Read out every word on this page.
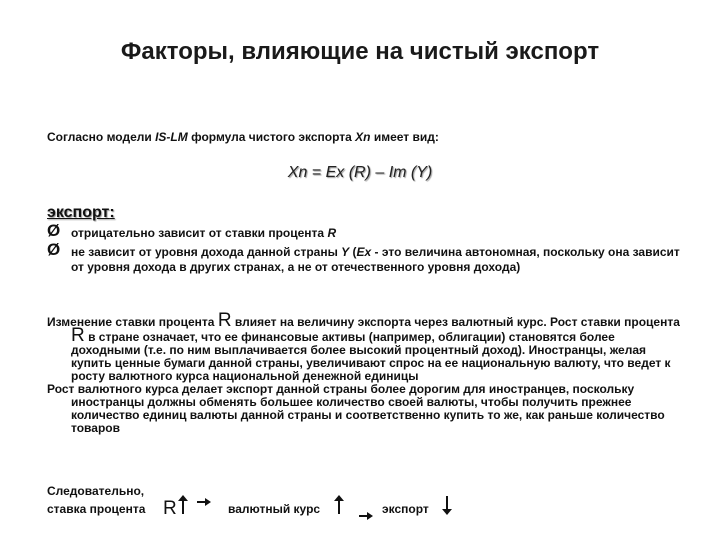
Факторы, влияющие на чистый экспорт
Согласно модели IS-LM формула чистого экспорта Xn имеет вид:
Xn = Ex (R) – Im (Y)
экспорт:
Ø отрицательно зависит от ставки процента R
Ø не зависит от уровня дохода данной страны Y (Ex - это величина автономная, поскольку она зависит от уровня дохода в других странах, а не от отечественного уровня дохода)

Изменение ставки процента R влияет на величину экспорта через валютный курс. Рост ставки процента R в стране означает, что ее финансовые активы (например, облигации) становятся более доходными (т.е. по ним выплачивается более высокий процентный доход). Иностранцы, желая купить ценные бумаги данной страны, увеличивают спрос на ее национальную валюту, что ведет к росту валютного курса национальной денежной единицы

Рост валютного курса делает экспорт данной страны более дорогим для иностранцев, поскольку иностранцы должны обменять большее количество своей валюты, чтобы получить прежнее количество единиц валюты данной страны и соответственно купить то же, как раньше количество товаров

Следовательно,
ставка процента R	валютный курс	экспорт
